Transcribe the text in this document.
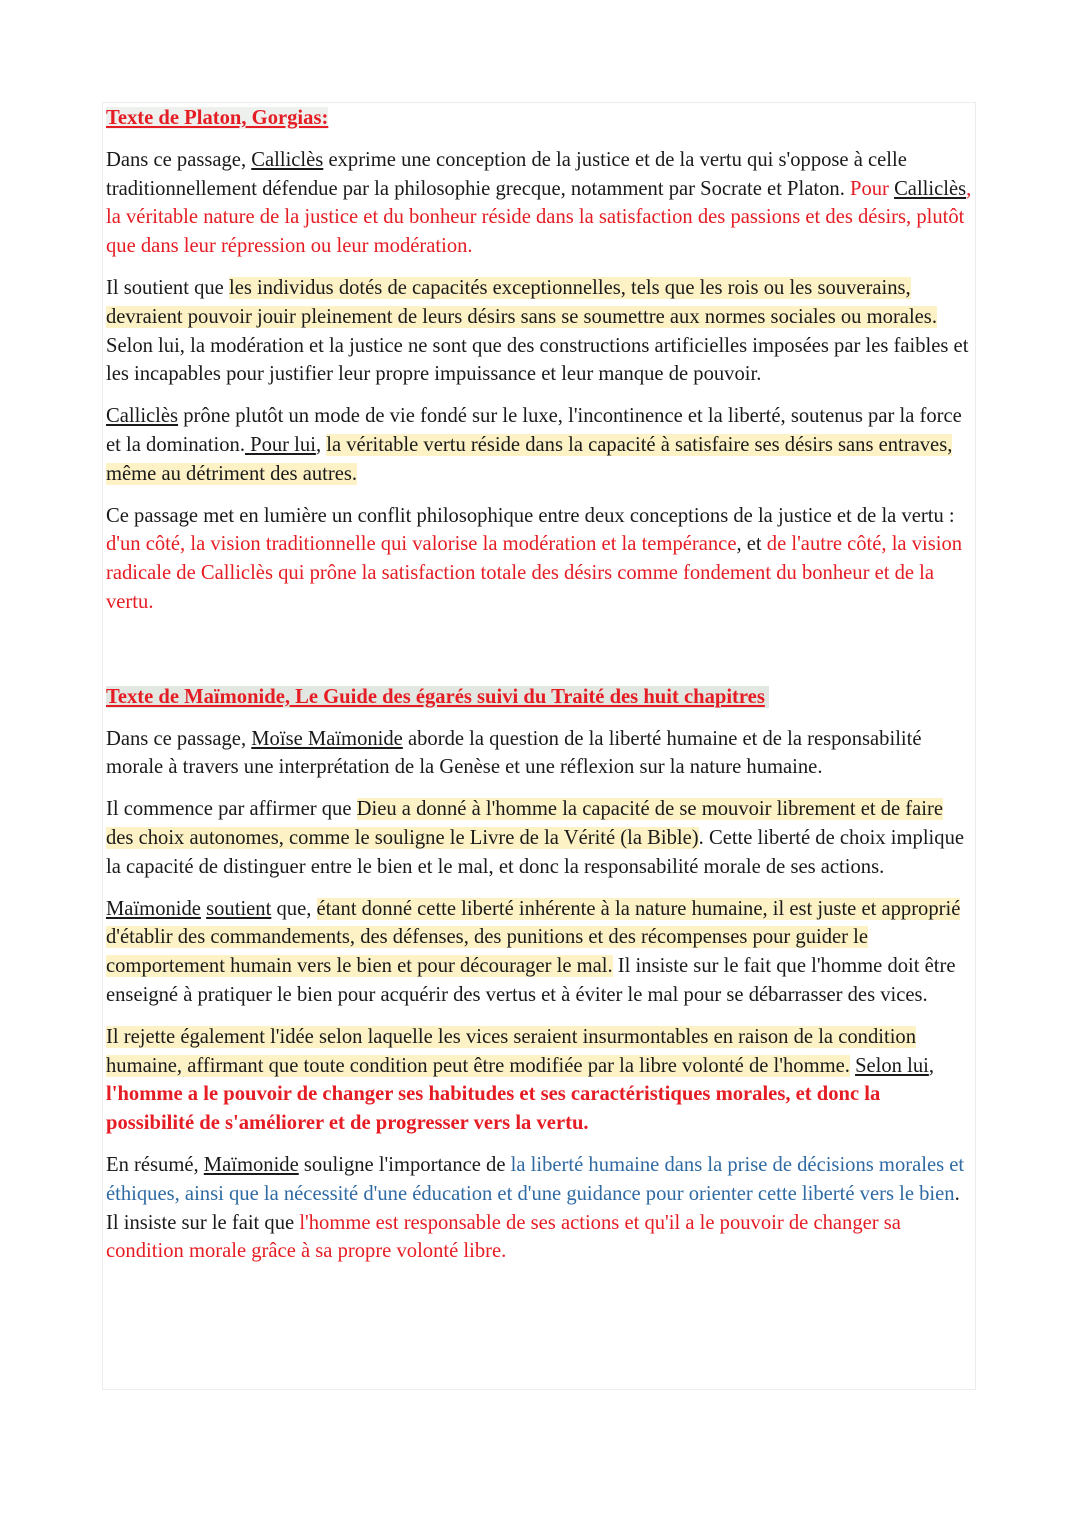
Texte de Platon, Gorgias:

Dans ce passage, Calliclès exprime une conception de la justice et de la vertu qui s'oppose à celle traditionnellement défendue par la philosophie grecque, notamment par Socrate et Platon. Pour Calliclès, la véritable nature de la justice et du bonheur réside dans la satisfaction des passions et des désirs, plutôt que dans leur répression ou leur modération.

Il soutient que les individus dotés de capacités exceptionnelles, tels que les rois ou les souverains, devraient pouvoir jouir pleinement de leurs désirs sans se soumettre aux normes sociales ou morales. Selon lui, la modération et la justice ne sont que des constructions artificielles imposées par les faibles et les incapables pour justifier leur propre impuissance et leur manque de pouvoir.

Calliclès prône plutôt un mode de vie fondé sur le luxe, l'incontinence et la liberté, soutenus par la force et la domination. Pour lui, la véritable vertu réside dans la capacité à satisfaire ses désirs sans entraves, même au détriment des autres.

Ce passage met en lumière un conflit philosophique entre deux conceptions de la justice et de la vertu : d'un côté, la vision traditionnelle qui valorise la modération et la tempérance, et de l'autre côté, la vision radicale de Calliclès qui prône la satisfaction totale des désirs comme fondement du bonheur et de la vertu.

Texte de Maïmonide, Le Guide des égarés suivi du Traité des huit chapitres

Dans ce passage, Moïse Maïmonide aborde la question de la liberté humaine et de la responsabilité morale à travers une interprétation de la Genèse et une réflexion sur la nature humaine.

Il commence par affirmer que Dieu a donné à l'homme la capacité de se mouvoir librement et de faire des choix autonomes, comme le souligne le Livre de la Vérité (la Bible). Cette liberté de choix implique la capacité de distinguer entre le bien et le mal, et donc la responsabilité morale de ses actions.

Maïmonide soutient que, étant donné cette liberté inhérente à la nature humaine, il est juste et approprié d'établir des commandements, des défenses, des punitions et des récompenses pour guider le comportement humain vers le bien et pour décourager le mal. Il insiste sur le fait que l'homme doit être enseigné à pratiquer le bien pour acquérir des vertus et à éviter le mal pour se débarrasser des vices.

Il rejette également l'idée selon laquelle les vices seraient insurmontables en raison de la condition humaine, affirmant que toute condition peut être modifiée par la libre volonté de l'homme. Selon lui, l'homme a le pouvoir de changer ses habitudes et ses caractéristiques morales, et donc la possibilité de s'améliorer et de progresser vers la vertu.

En résumé, Maïmonide souligne l'importance de la liberté humaine dans la prise de décisions morales et éthiques, ainsi que la nécessité d'une éducation et d'une guidance pour orienter cette liberté vers le bien. Il insiste sur le fait que l'homme est responsable de ses actions et qu'il a le pouvoir de changer sa condition morale grâce à sa propre volonté libre.
